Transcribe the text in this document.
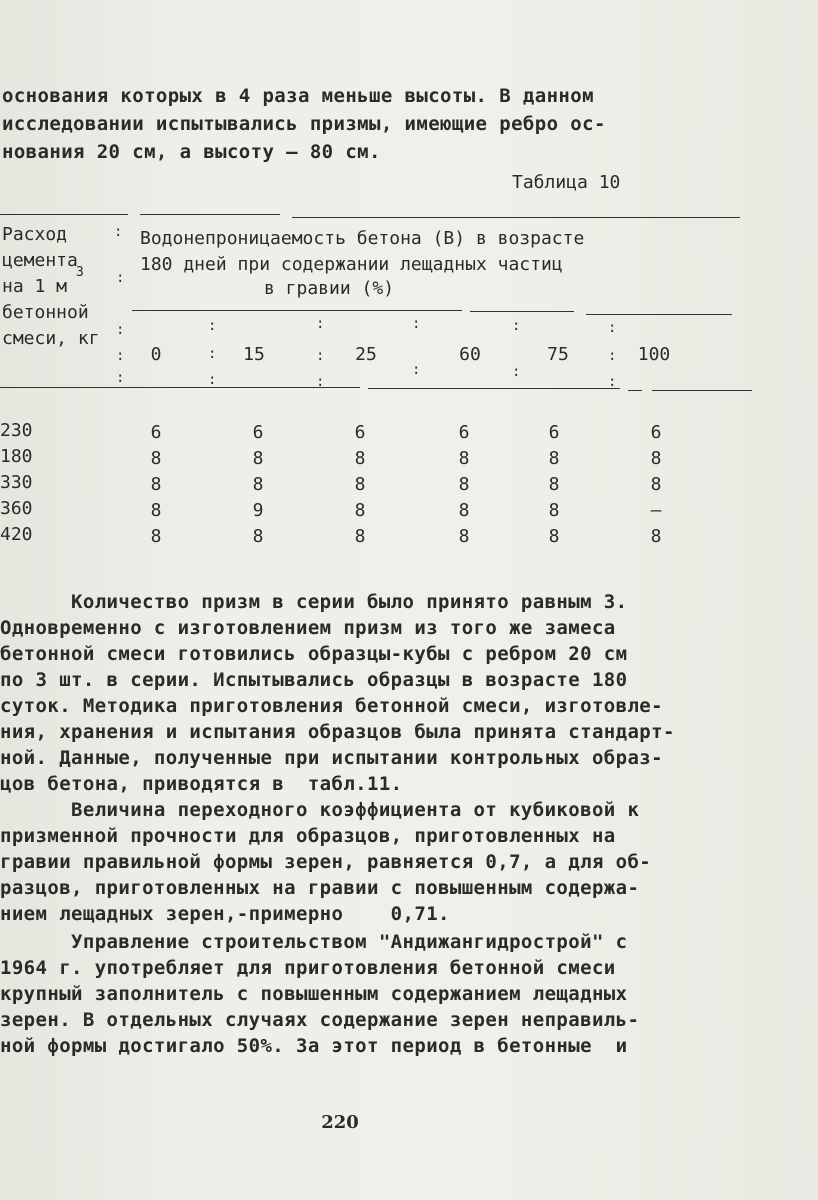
основания которых в 4 раза меньше высоты. В данном
исследовании испытывались призмы, имеющие ребро ос-
нования 20 см, а высоту – 80 см.
Таблица 10
Расход
цемента
на 1 м
3
бетонной
смеси, кг
Водонепроницаемость бетона (B) в возрасте
180 дней при содержании лещадных частиц
в гравии (%)
:
:
:
:
:
:
:
:
:
:
:
:
:
:
:
:
:
:
0	15	25	60	75	100
230	6	6	6	6	6	6
180	8	8	8	8	8	8
330	8	8	8	8	8	8
360	8	9	8	8	8	–
420	8	8	8	8	8	8
Количество призм в серии было принято равным 3.
Одновременно с изготовлением призм из того же замеса
бетонной смеси готовились образцы-кубы с ребром 20 см
по 3 шт. в серии. Испытывались образцы в возрасте 180
суток. Методика приготовления бетонной смеси, изготовле-
ния, хранения и испытания образцов была принята стандарт-
ной. Данные, полученные при испытании контрольных образ-
цов бетона, приводятся в  табл.11.
Величина переходного коэффициента от кубиковой к
призменной прочности для образцов, приготовленных на
гравии правильной формы зерен, равняется 0,7, а для об-
разцов, приготовленных на гравии с повышенным содержа-
нием лещадных зерен,-примерно    0,71.
Управление строительством "Андижангидрострой" с
1964 г. употребляет для приготовления бетонной смеси
крупный заполнитель с повышенным содержанием лещадных
зерен. В отдельных случаях содержание зерен неправиль-
ной формы достигало 50%. За этот период в бетонные  и
220
